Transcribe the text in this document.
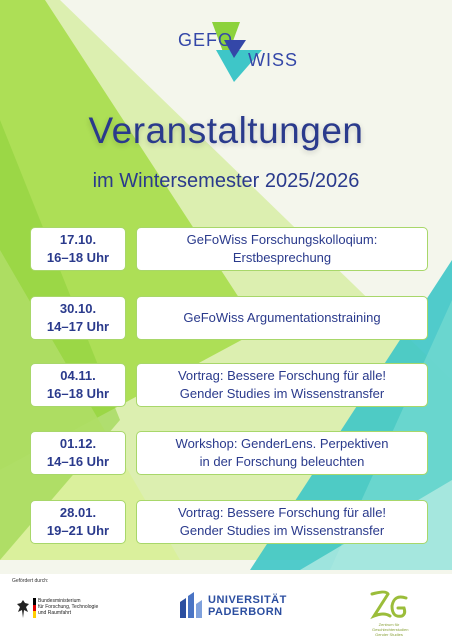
GEFO
WISS
Veranstaltungen
im Wintersemester 2025/2026
17.10.
16–18 Uhr
GeFoWiss Forschungskolloqium:
Erstbesprechung
30.10.
14–17 Uhr
GeFoWiss Argumentationstraining
04.11.
16–18 Uhr
Vortrag: Bessere Forschung für alle!
Gender Studies im Wissenstransfer
01.12.
14–16 Uhr
Workshop: GenderLens. Perpektiven
in der Forschung beleuchten
28.01.
19–21 Uhr
Vortrag: Bessere Forschung für alle!
Gender Studies im Wissenstransfer
Gefördert durch:
Bundesministerium
für Forschung, Technologie
und Raumfahrt
UNIVERSITÄT
PADERBORN
Zentrum für
Geschlechterstudien
Gender Studies
